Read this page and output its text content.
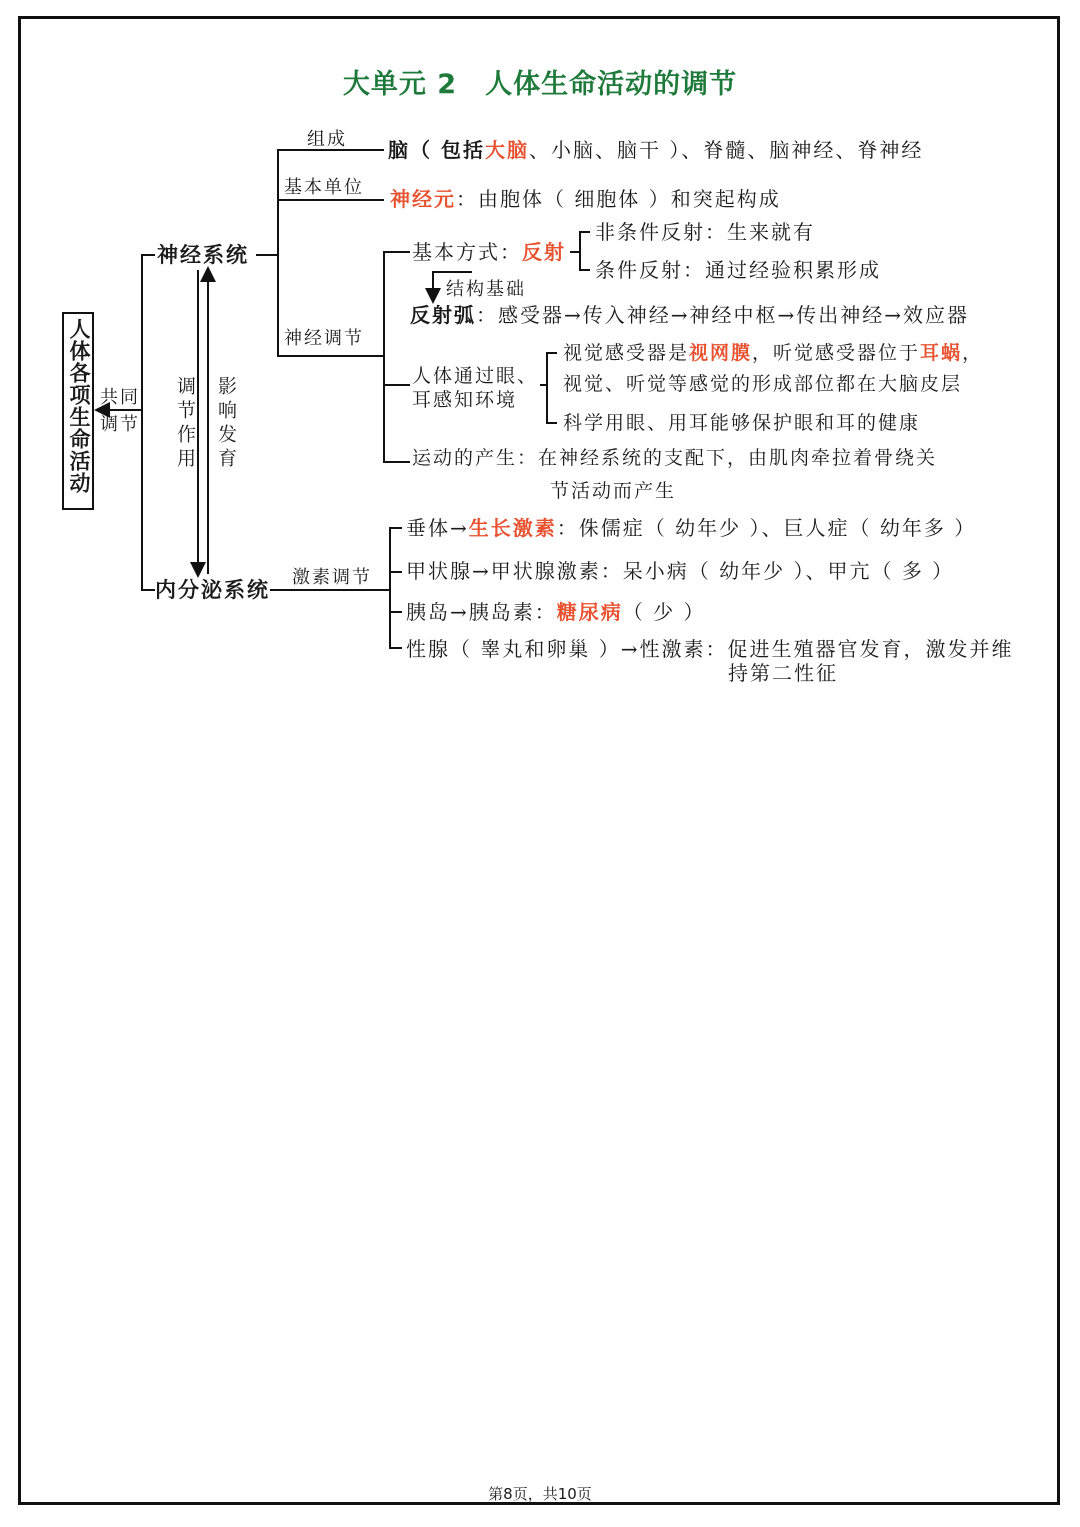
大单元 2　人体生命活动的调节
人体各项生命活动 共同
调节
神经系统
组成 脑（ 包括大脑、小脑、脑干 ）、脊髓、脑神经、脊神经
基本单位 神经元：由胞体（ 细胞体 ）和突起构成
神经调节
基本方式：反射
非条件反射：生来就有
条件反射：通过经验积累形成
结构基础
反射弧：感受器→传入神经→神经中枢→传出神经→效应器
人体通过眼、
耳感知环境
视觉感受器是视网膜，听觉感受器位于耳蜗，
视觉、听觉等感觉的形成部位都在大脑皮层
科学用眼、用耳能够保护眼和耳的健康
运动的产生：在神经系统的支配下，由肌肉牵拉着骨绕关
节活动而产生
调节作用 影响发育
内分泌系统
激素调节
垂体→生长激素：侏儒症（ 幼年少 ）、巨人症（ 幼年多 ）
甲状腺→甲状腺激素：呆小病（ 幼年少 ）、甲亢（ 多 ）
胰岛→胰岛素：糖尿病（ 少 ）
性腺（ 睾丸和卵巢 ）→性激素：促进生殖器官发育，激发并维
持第二性征
第8页，共10页
